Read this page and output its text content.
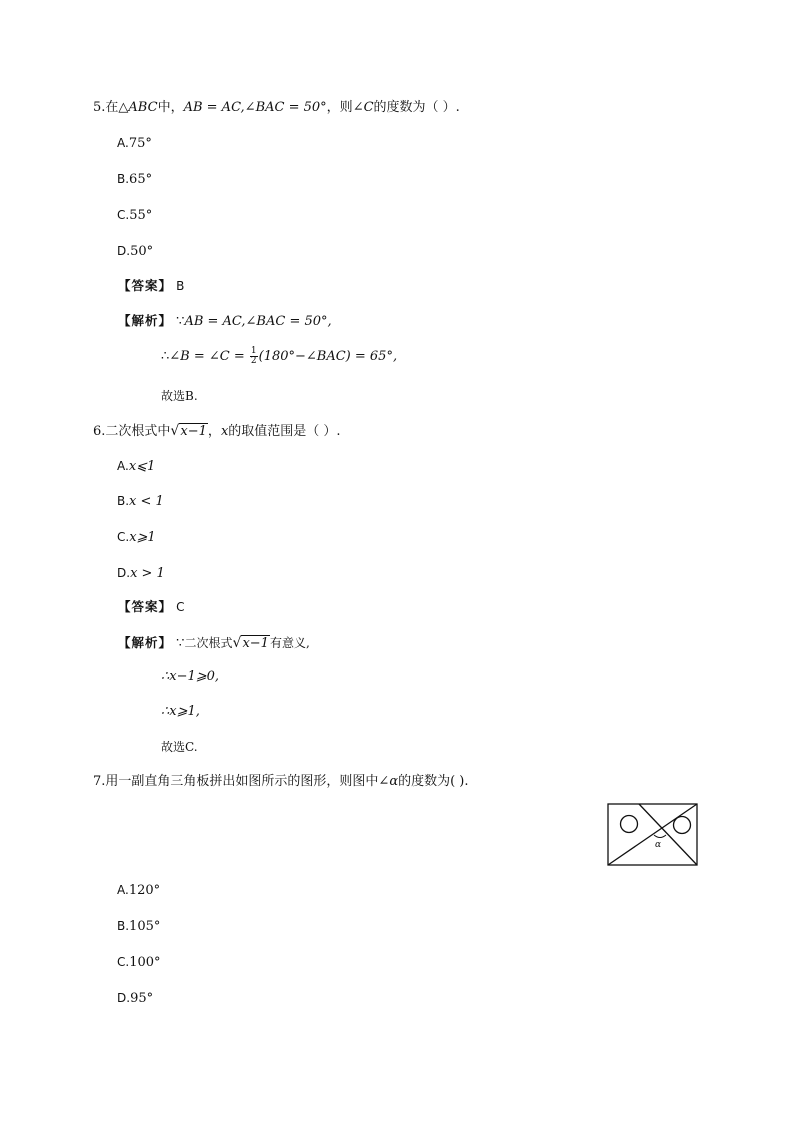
5.在△ABC中，AB = AC,∠BAC = 50°，则∠C的度数为（ ）.
A.75°
B.65°
C.55°
D.50°
【答案】 B
【解析】 ∵AB = AC,∠BAC = 50°,
∴∠B = ∠C = $\frac{1}{2}$ (180°−∠BAC) = 65°,
故选B.
6.二次根式中 √ x−1，x的取值范围是（ ）.
A.x⩽1
B.x < 1
C.x⩾1
D.x > 1
【答案】 C
【解析】 ∵二次根式 √ x−1有意义,
∴x−1⩾0,
∴x⩾1,
故选C.
7.用一副直角三角板拼出如图所示的图形，则图中∠α的度数为( ).
α
A.120°
B.105°
C.100°
D.95°
